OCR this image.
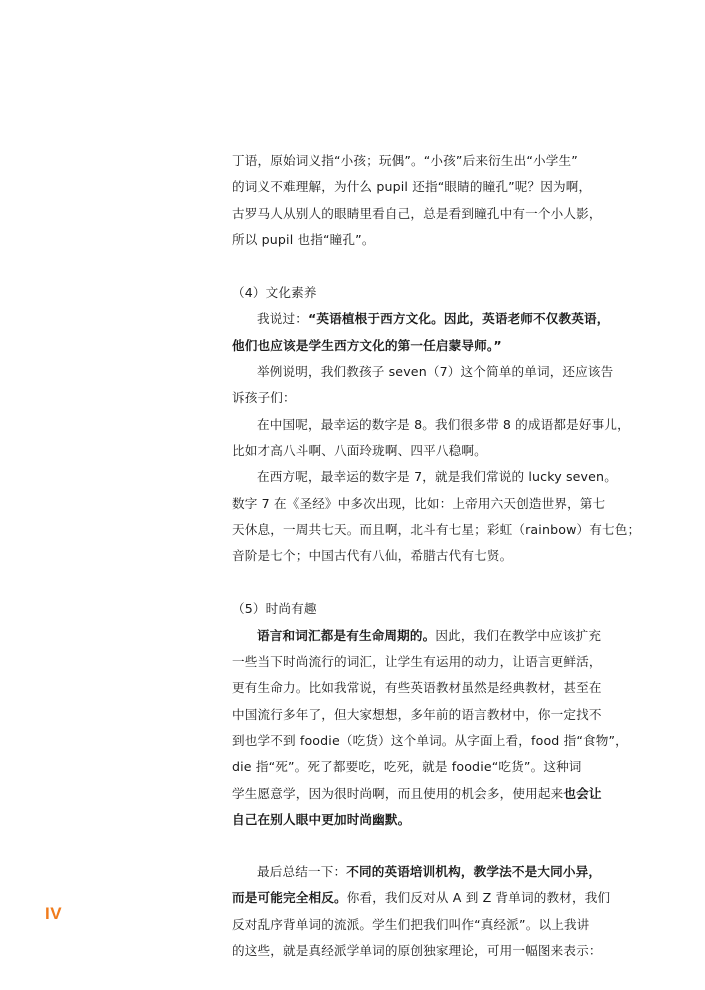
丁语，原始词义指“小孩；玩偶”。“小孩”后来衍生出“小学生”
的词义不难理解，为什么 pupil 还指“眼睛的瞳孔”呢？因为啊，
古罗马人从别人的眼睛里看自己，总是看到瞳孔中有一个小人影，
所以 pupil 也指“瞳孔”。
（4）文化素养
我说过：“英语植根于西方文化。因此，英语老师不仅教英语，
他们也应该是学生西方文化的第一任启蒙导师。”
举例说明，我们教孩子 seven（7）这个简单的单词，还应该告
诉孩子们：
在中国呢，最幸运的数字是 8。我们很多带 8 的成语都是好事儿，
比如才高八斗啊、八面玲珑啊、四平八稳啊。
在西方呢，最幸运的数字是 7，就是我们常说的 lucky seven。
数字 7 在《圣经》中多次出现，比如：上帝用六天创造世界，第七
天休息，一周共七天。而且啊，北斗有七星；彩虹（rainbow）有七色；
音阶是七个；中国古代有八仙，希腊古代有七贤。
（5）时尚有趣
语言和词汇都是有生命周期的。因此，我们在教学中应该扩充
一些当下时尚流行的词汇，让学生有运用的动力，让语言更鲜活，
更有生命力。比如我常说，有些英语教材虽然是经典教材，甚至在
中国流行多年了，但大家想想，多年前的语言教材中，你一定找不
到也学不到 foodie（吃货）这个单词。从字面上看，food 指“食物”，
die 指“死”。死了都要吃，吃死，就是 foodie“吃货”。这种词
学生愿意学，因为很时尚啊，而且使用的机会多，使用起来也会让
自己在别人眼中更加时尚幽默。
最后总结一下：不同的英语培训机构，教学法不是大同小异，
而是可能完全相反。你看，我们反对从 A 到 Z 背单词的教材，我们
反对乱序背单词的流派。学生们把我们叫作“真经派”。以上我讲
的这些，就是真经派学单词的原创独家理论，可用一幅图来表示：
IV
